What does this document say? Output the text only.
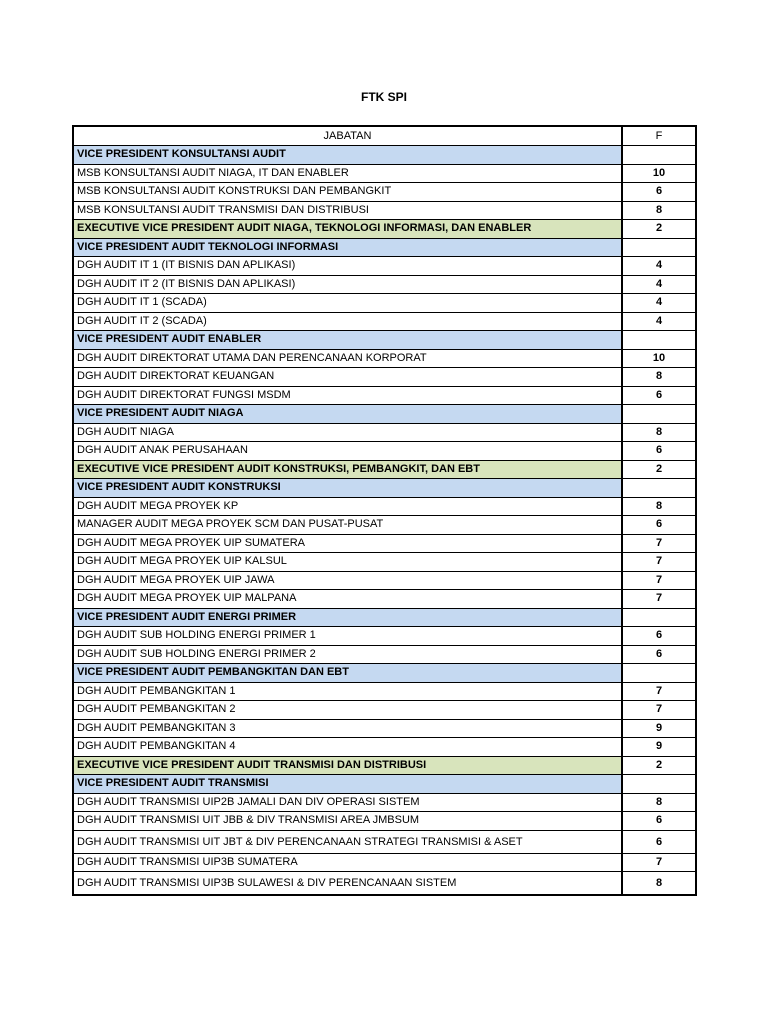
FTK SPI
JABATAN	F
VICE PRESIDENT KONSULTANSI AUDIT	
MSB KONSULTANSI AUDIT NIAGA, IT DAN ENABLER	10
MSB KONSULTANSI AUDIT KONSTRUKSI DAN PEMBANGKIT	6
MSB KONSULTANSI AUDIT TRANSMISI DAN DISTRIBUSI	8
EXECUTIVE VICE PRESIDENT AUDIT NIAGA, TEKNOLOGI INFORMASI, DAN ENABLER	2
VICE PRESIDENT AUDIT TEKNOLOGI INFORMASI	
DGH AUDIT IT 1 (IT BISNIS DAN APLIKASI)	4
DGH AUDIT IT 2 (IT BISNIS DAN APLIKASI)	4
DGH AUDIT IT 1 (SCADA)	4
DGH AUDIT IT 2 (SCADA)	4
VICE PRESIDENT AUDIT ENABLER	
DGH AUDIT DIREKTORAT UTAMA DAN PERENCANAAN KORPORAT	10
DGH AUDIT DIREKTORAT KEUANGAN	8
DGH AUDIT DIREKTORAT FUNGSI MSDM	6
VICE PRESIDENT AUDIT NIAGA	
DGH AUDIT NIAGA	8
DGH AUDIT ANAK PERUSAHAAN	6
EXECUTIVE VICE PRESIDENT AUDIT KONSTRUKSI, PEMBANGKIT, DAN EBT	2
VICE PRESIDENT AUDIT KONSTRUKSI	
DGH AUDIT MEGA PROYEK KP	8
MANAGER AUDIT MEGA PROYEK SCM DAN PUSAT-PUSAT	6
DGH AUDIT MEGA PROYEK UIP SUMATERA	7
DGH AUDIT MEGA PROYEK UIP KALSUL	7
DGH AUDIT MEGA PROYEK UIP JAWA	7
DGH AUDIT MEGA PROYEK UIP MALPANA	7
VICE PRESIDENT AUDIT ENERGI PRIMER	
DGH AUDIT SUB HOLDING ENERGI PRIMER 1	6
DGH AUDIT SUB HOLDING ENERGI PRIMER 2	6
VICE PRESIDENT AUDIT PEMBANGKITAN DAN EBT	
DGH AUDIT PEMBANGKITAN 1	7
DGH AUDIT PEMBANGKITAN 2	7
DGH AUDIT PEMBANGKITAN 3	9
DGH AUDIT PEMBANGKITAN 4	9
EXECUTIVE VICE PRESIDENT AUDIT TRANSMISI DAN DISTRIBUSI	2
VICE PRESIDENT AUDIT TRANSMISI	
DGH AUDIT TRANSMISI UIP2B JAMALI DAN DIV OPERASI SISTEM	8
DGH AUDIT TRANSMISI UIT JBB & DIV TRANSMISI AREA JMBSUM	6
DGH AUDIT TRANSMISI UIT JBT & DIV PERENCANAAN STRATEGI TRANSMISI & ASET	6
DGH AUDIT TRANSMISI UIP3B SUMATERA	7
DGH AUDIT TRANSMISI UIP3B SULAWESI & DIV PERENCANAAN SISTEM	8
